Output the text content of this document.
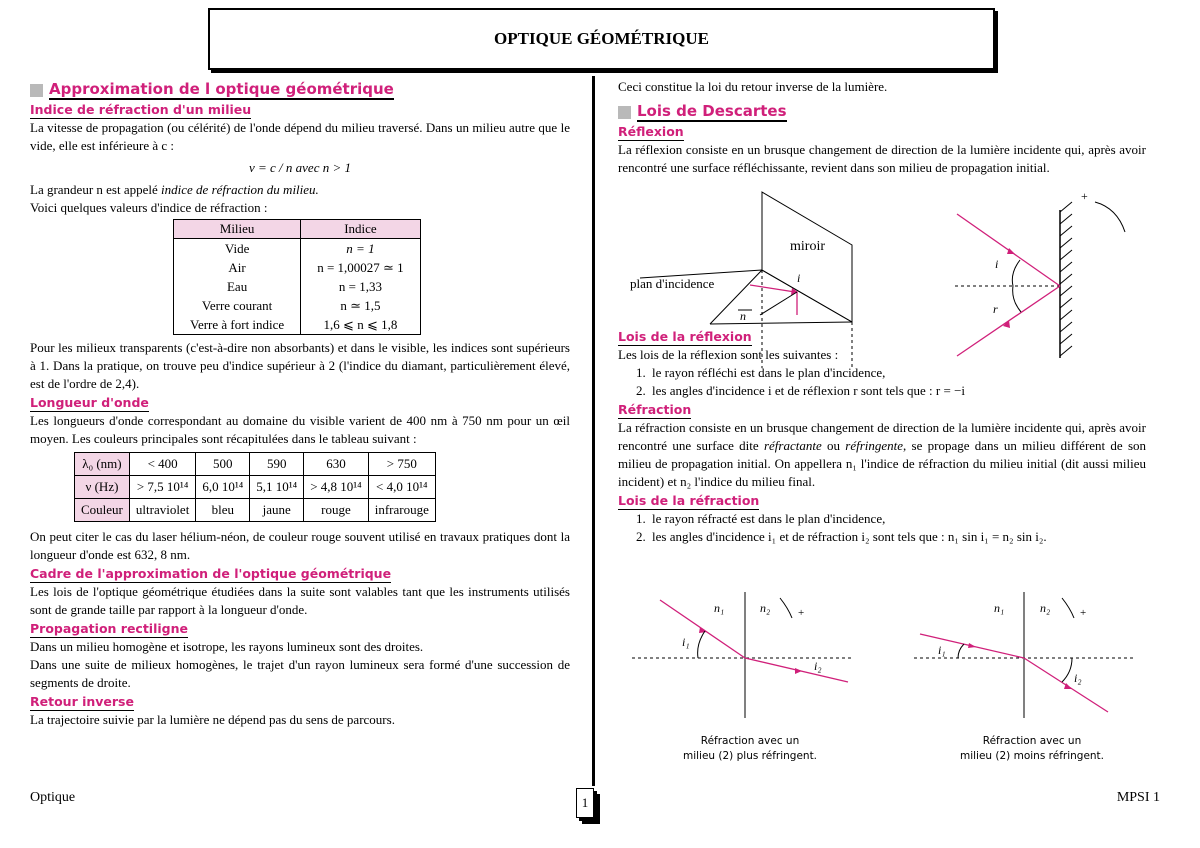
OPTIQUE GÉOMÉTRIQUE
Approximation de l optique géométrique
Indice de réfraction d'un milieu

La vitesse de propagation (ou célérité) de l'onde dépend du milieu traversé. Dans un milieu autre que le vide, elle est inférieure à c :

v = c / n avec n > 1

La grandeur n est appelé indice de réfraction du milieu.

Voici quelques valeurs d'indice de réfraction :

Milieu	Indice
Vide	n = 1
Air	n = 1,00027 ≃ 1
Eau	n = 1,33
Verre courant	n ≃ 1,5
Verre à fort indice	1,6 ⩽ n ⩽ 1,8

Pour les milieux transparents (c'est-à-dire non absorbants) et dans le visible, les indices sont supérieurs à 1. Dans la pratique, on trouve peu d'indice supérieur à 2 (l'indice du diamant, particulièrement élevé, est de l'ordre de 2,4).

Longueur d'onde

Les longueurs d'onde correspondant au domaine du visible varient de 400 nm à 750 nm pour un œil moyen. Les couleurs principales sont récapitulées dans le tableau suivant :

λ₀ (nm)	< 400	500	590	630	> 750
ν (Hz)	> 7,5 10¹⁴	6,0 10¹⁴	5,1 10¹⁴	> 4,8 10¹⁴	< 4,0 10¹⁴
Couleur	ultraviolet	bleu	jaune	rouge	infrarouge

On peut citer le cas du laser hélium-néon, de couleur rouge souvent utilisé en travaux pratiques dont la longueur d'onde est 632, 8 nm.

Cadre de l'approximation de l'optique géométrique

Les lois de l'optique géométrique étudiées dans la suite sont valables tant que les instruments utilisés sont de grande taille par rapport à la longueur d'onde.

Propagation rectiligne

Dans un milieu homogène et isotrope, les rayons lumineux sont des droites.

Dans une suite de milieux homogènes, le trajet d'un rayon lumineux sera formé d'une succession de segments de droite.

Retour inverse

La trajectoire suivie par la lumière ne dépend pas du sens de parcours.

Ceci constitue la loi du retour inverse de la lumière.

Lois de Descartes
Réflexion

La réflexion consiste en un brusque changement de direction de la lumière incidente qui, après avoir rencontré une surface réfléchissante, revient dans son milieu de propagation initial.

Lois de la réflexion

Les lois de la réflexion sont les suivantes :

1. le rayon réfléchi est dans le plan d'incidence,
2. les angles d'incidence i et de réflexion r sont tels que : r = −i
Réfraction

La réfraction consiste en un brusque changement de direction de la lumière incidente qui, après avoir rencontré une surface dite réfractante ou réfringente, se propage dans un milieu différent de son milieu de propagation initial. On appellera n₁ l'indice de réfraction du milieu initial (dit aussi milieu incident) et n₂ l'indice du milieu final.

Lois de la réfraction
1. le rayon réfracté est dans le plan d'incidence,
2. les angles d'incidence i₁ et de réfraction i₂ sont tels que : n₁ sin i₁ = n₂ sin i₂.
miroir
plan d'incidence	i
n
i
r
+
n₁	n₂
i₁
i₂
+
Réfraction avec un
milieu (2) plus réfringent.
n₁	n₂
i₁
i₂
+
Réfraction avec un
milieu (2) moins réfringent.
Optique	1	MPSI 1
